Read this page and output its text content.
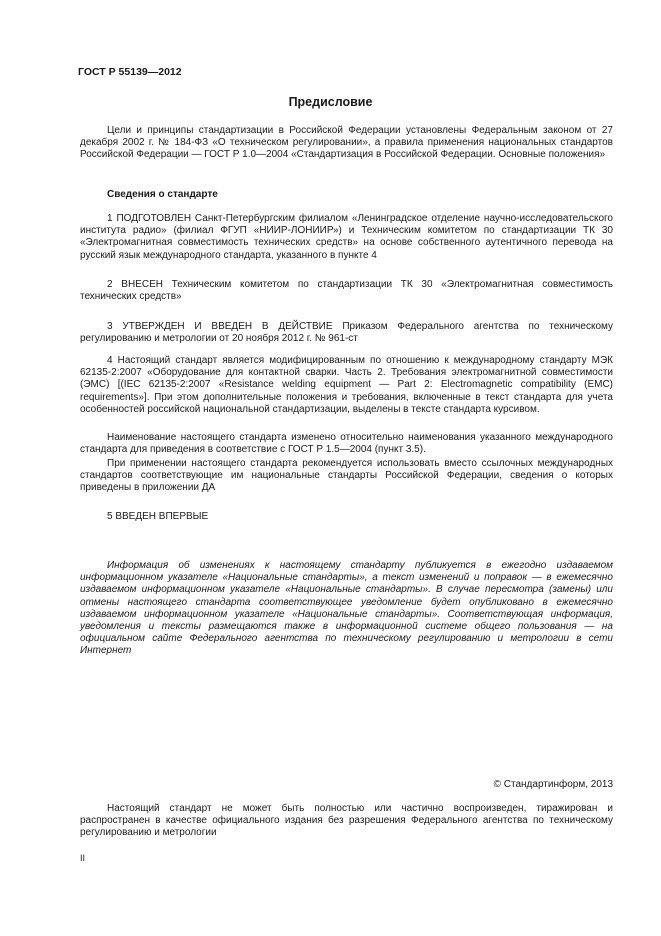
ГОСТ Р 55139—2012
Предисловие

Цели и принципы стандартизации в Российской Федерации установлены Федеральным законом от 27 декабря 2002 г. № 184-ФЗ «О техническом регулировании», а правила применения национальных стандартов Российской Федерации — ГОСТ Р 1.0—2004 «Стандартизация в Российской Федерации. Основные положения»

Сведения о стандарте

1 ПОДГОТОВЛЕН Санкт-Петербургским филиалом «Ленинградское отделение научно-исследовательского института радио» (филиал ФГУП «НИИР-ЛОНИИР») и Техническим комитетом по стандартизации ТК 30 «Электромагнитная совместимость технических средств» на основе собственного аутентичного перевода на русский язык международного стандарта, указанного в пункте 4

2 ВНЕСЕН Техническим комитетом по стандартизации ТК 30 «Электромагнитная совместимость технических средств»

3 УТВЕРЖДЕН И ВВЕДЕН В ДЕЙСТВИЕ Приказом Федерального агентства по техническому регулированию и метрологии от 20 ноября 2012 г. № 961-ст

4 Настоящий стандарт является модифицированным по отношению к международному стандарту МЭК 62135-2:2007 «Оборудование для контактной сварки. Часть 2. Требования электромагнитной совместимости (ЭМС) [(IEC 62135-2:2007 «Resistance welding equipment — Part 2: Electromagnetic compatibility (EMC) requirements»]. При этом дополнительные положения и требования, включенные в текст стандарта для учета особенностей российской национальной стандартизации, выделены в тексте стандарта курсивом.

Наименование настоящего стандарта изменено относительно наименования указанного международного стандарта для приведения в соответствие с ГОСТ Р 1.5—2004 (пункт 3.5).

При применении настоящего стандарта рекомендуется использовать вместо ссылочных международных стандартов соответствующие им национальные стандарты Российской Федерации, сведения о которых приведены в приложении ДА

5 ВВЕДЕН ВПЕРВЫЕ

Информация об изменениях к настоящему стандарту публикуется в ежегодно издаваемом информационном указателе «Национальные стандарты», а текст изменений и поправок — в ежемесячно издаваемом информационном указателе «Национальные стандарты». В случае пересмотра (замены) или отмены настоящего стандарта соответствующее уведомление будет опубликовано в ежемесячно издаваемом информационном указателе «Национальные стандарты». Соответствующая информация, уведомления и тексты размещаются также в информационной системе общего пользования — на официальном сайте Федерального агентства по техническому регулированию и метрологии в сети Интернет

© Стандартинформ, 2013

Настоящий стандарт не может быть полностью или частично воспроизведен, тиражирован и распространен в качестве официального издания без разрешения Федерального агентства по техническому регулированию и метрологии

II
